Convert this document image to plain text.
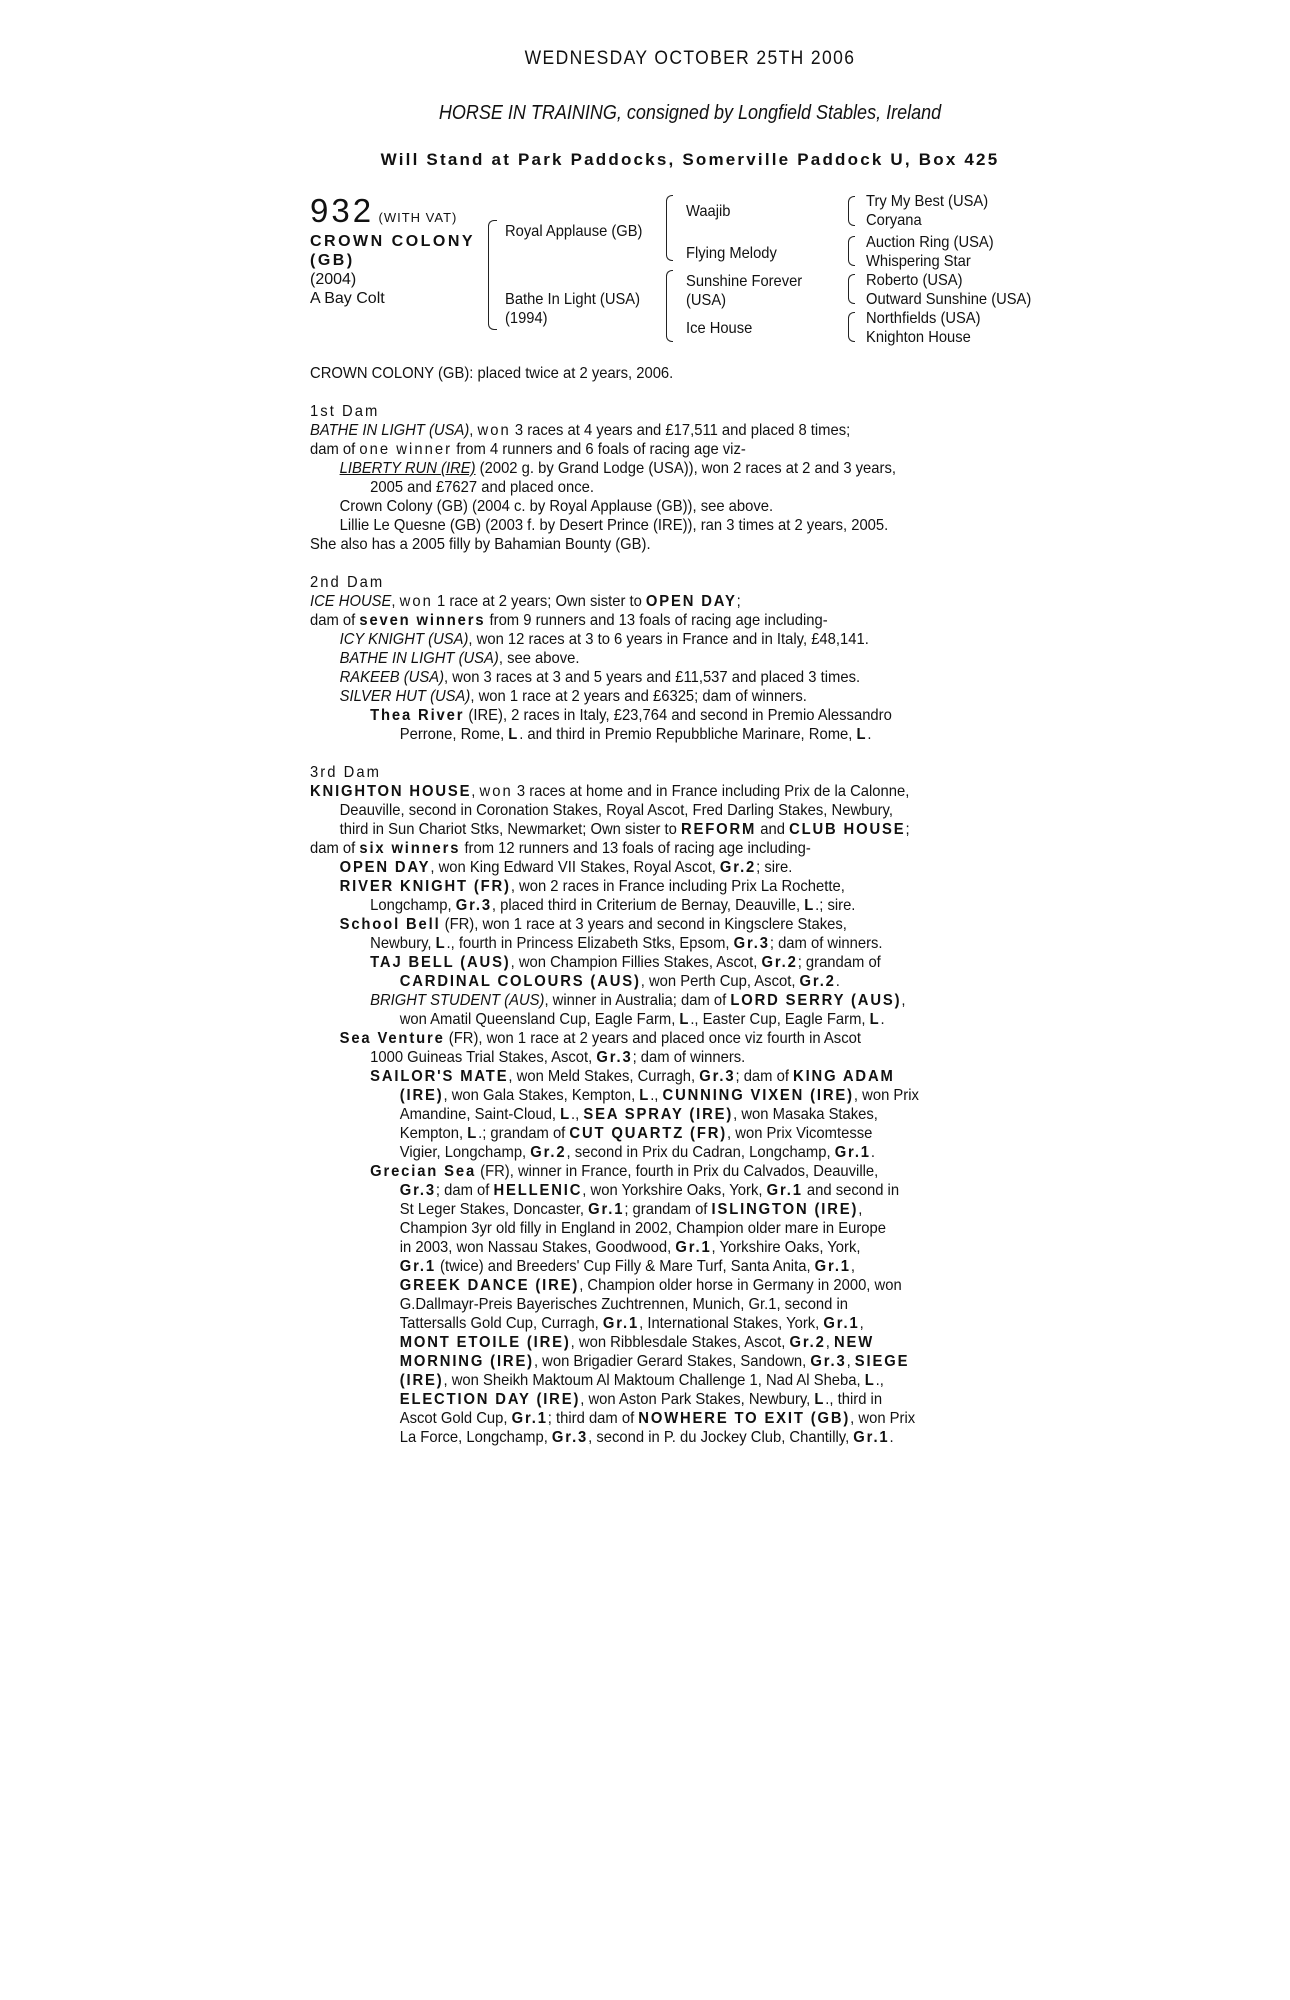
WEDNESDAY OCTOBER 25TH 2006
HORSE IN TRAINING, consigned by Longfield Stables, Ireland
Will Stand at Park Paddocks, Somerville Paddock U, Box 425
932 (WITH VAT)
CROWN COLONY
(GB)
(2004)
A Bay Colt
Royal Applause (GB)
Bathe In Light (USA)
(1994)
Waajib
Flying Melody
Sunshine Forever
(USA)
Ice House
Try My Best (USA)
Coryana
Auction Ring (USA)
Whispering Star
Roberto (USA)
Outward Sunshine (USA)
Northfields (USA)
Knighton House
CROWN COLONY (GB): placed twice at 2 years, 2006.
1st Dam
BATHE IN LIGHT (USA), won 3 races at 4 years and £17,511 and placed 8 times;
dam of one winner from 4 runners and 6 foals of racing age viz-
LIBERTY RUN (IRE) (2002 g. by Grand Lodge (USA)), won 2 races at 2 and 3 years,
2005 and £7627 and placed once.
Crown Colony (GB) (2004 c. by Royal Applause (GB)), see above.
Lillie Le Quesne (GB) (2003 f. by Desert Prince (IRE)), ran 3 times at 2 years, 2005.
She also has a 2005 filly by Bahamian Bounty (GB).
2nd Dam
ICE HOUSE, won 1 race at 2 years; Own sister to OPEN DAY;
dam of seven winners from 9 runners and 13 foals of racing age including-
ICY KNIGHT (USA), won 12 races at 3 to 6 years in France and in Italy, £48,141.
BATHE IN LIGHT (USA), see above.
RAKEEB (USA), won 3 races at 3 and 5 years and £11,537 and placed 3 times.
SILVER HUT (USA), won 1 race at 2 years and £6325; dam of winners.
Thea River (IRE), 2 races in Italy, £23,764 and second in Premio Alessandro
Perrone, Rome, L. and third in Premio Repubbliche Marinare, Rome, L.
3rd Dam
KNIGHTON HOUSE, won 3 races at home and in France including Prix de la Calonne,
Deauville, second in Coronation Stakes, Royal Ascot, Fred Darling Stakes, Newbury,
third in Sun Chariot Stks, Newmarket; Own sister to REFORM and CLUB HOUSE;
dam of six winners from 12 runners and 13 foals of racing age including-
OPEN DAY, won King Edward VII Stakes, Royal Ascot, Gr.2; sire.
RIVER KNIGHT (FR), won 2 races in France including Prix La Rochette,
Longchamp, Gr.3, placed third in Criterium de Bernay, Deauville, L.; sire.
School Bell (FR), won 1 race at 3 years and second in Kingsclere Stakes,
Newbury, L., fourth in Princess Elizabeth Stks, Epsom, Gr.3; dam of winners.
TAJ BELL (AUS), won Champion Fillies Stakes, Ascot, Gr.2; grandam of
CARDINAL COLOURS (AUS), won Perth Cup, Ascot, Gr.2.
BRIGHT STUDENT (AUS), winner in Australia; dam of LORD SERRY (AUS),
won Amatil Queensland Cup, Eagle Farm, L., Easter Cup, Eagle Farm, L.
Sea Venture (FR), won 1 race at 2 years and placed once viz fourth in Ascot
1000 Guineas Trial Stakes, Ascot, Gr.3; dam of winners.
SAILOR'S MATE, won Meld Stakes, Curragh, Gr.3; dam of KING ADAM
(IRE), won Gala Stakes, Kempton, L., CUNNING VIXEN (IRE), won Prix
Amandine, Saint-Cloud, L., SEA SPRAY (IRE), won Masaka Stakes,
Kempton, L.; grandam of CUT QUARTZ (FR), won Prix Vicomtesse
Vigier, Longchamp, Gr.2, second in Prix du Cadran, Longchamp, Gr.1.
Grecian Sea (FR), winner in France, fourth in Prix du Calvados, Deauville,
Gr.3; dam of HELLENIC, won Yorkshire Oaks, York, Gr.1 and second in
St Leger Stakes, Doncaster, Gr.1; grandam of ISLINGTON (IRE),
Champion 3yr old filly in England in 2002, Champion older mare in Europe
in 2003, won Nassau Stakes, Goodwood, Gr.1, Yorkshire Oaks, York,
Gr.1 (twice) and Breeders' Cup Filly & Mare Turf, Santa Anita, Gr.1,
GREEK DANCE (IRE), Champion older horse in Germany in 2000, won
G.Dallmayr-Preis Bayerisches Zuchtrennen, Munich, Gr.1, second in
Tattersalls Gold Cup, Curragh, Gr.1, International Stakes, York, Gr.1,
MONT ETOILE (IRE), won Ribblesdale Stakes, Ascot, Gr.2, NEW
MORNING (IRE), won Brigadier Gerard Stakes, Sandown, Gr.3, SIEGE
(IRE), won Sheikh Maktoum Al Maktoum Challenge 1, Nad Al Sheba, L.,
ELECTION DAY (IRE), won Aston Park Stakes, Newbury, L., third in
Ascot Gold Cup, Gr.1; third dam of NOWHERE TO EXIT (GB), won Prix
La Force, Longchamp, Gr.3, second in P. du Jockey Club, Chantilly, Gr.1.
